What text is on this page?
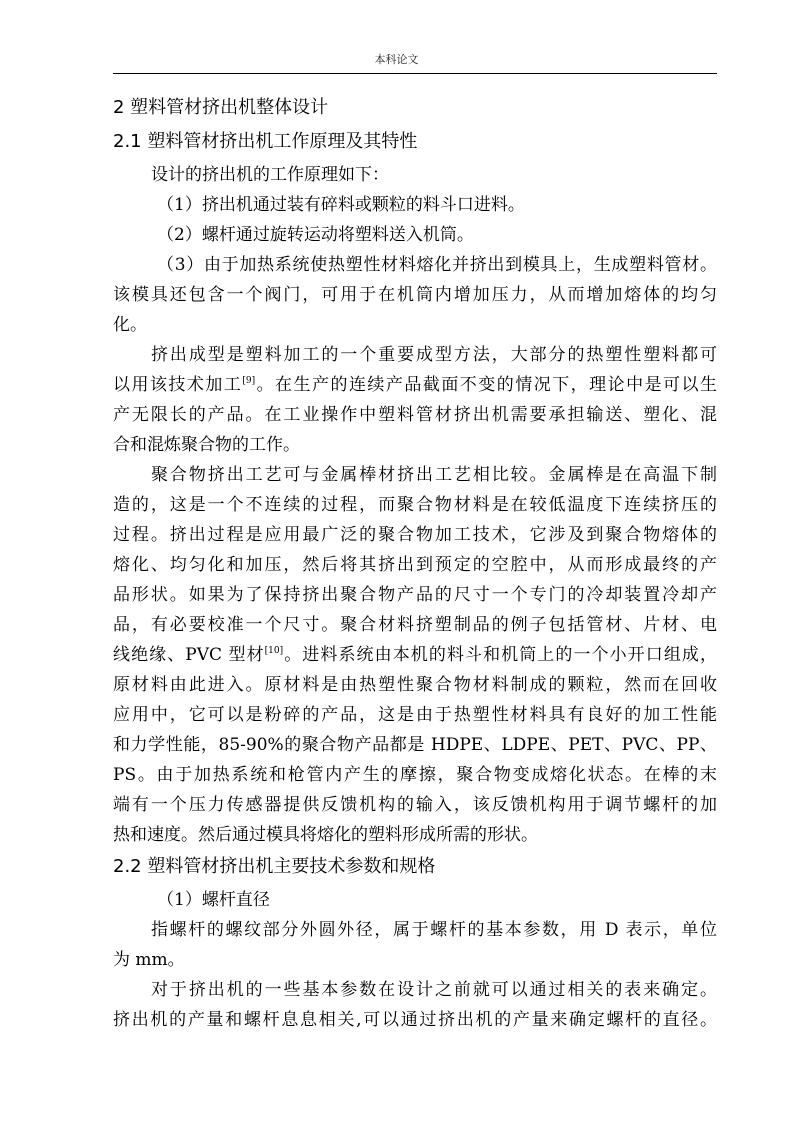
本科论文
2 塑料管材挤出机整体设计
2.1 塑料管材挤出机工作原理及其特性
设计的挤出机的工作原理如下：
（1）挤出机通过装有碎料或颗粒的料斗口进料。
（2）螺杆通过旋转运动将塑料送入机筒。
（3）由于加热系统使热塑性材料熔化并挤出到模具上，生成塑料管材。
该模具还包含一个阀门，可用于在机筒内增加压力，从而增加熔体的均匀
化。
挤出成型是塑料加工的一个重要成型方法，大部分的热塑性塑料都可
以用该技术加工[9]。在生产的连续产品截面不变的情况下，理论中是可以生
产无限长的产品。在工业操作中塑料管材挤出机需要承担输送、塑化、混
合和混炼聚合物的工作。
聚合物挤出工艺可与金属棒材挤出工艺相比较。金属棒是在高温下制
造的，这是一个不连续的过程，而聚合物材料是在较低温度下连续挤压的
过程。挤出过程是应用最广泛的聚合物加工技术，它涉及到聚合物熔体的
熔化、均匀化和加压，然后将其挤出到预定的空腔中，从而形成最终的产
品形状。如果为了保持挤出聚合物产品的尺寸一个专门的冷却装置冷却产
品，有必要校准一个尺寸。聚合材料挤塑制品的例子包括管材、片材、电
线绝缘、PVC 型材[10]。进料系统由本机的料斗和机筒上的一个小开口组成，
原材料由此进入。原材料是由热塑性聚合物材料制成的颗粒，然而在回收
应用中，它可以是粉碎的产品，这是由于热塑性材料具有良好的加工性能
和力学性能，85-90%的聚合物产品都是 HDPE、LDPE、PET、PVC、PP、
PS。由于加热系统和枪管内产生的摩擦，聚合物变成熔化状态。在棒的末
端有一个压力传感器提供反馈机构的输入，该反馈机构用于调节螺杆的加
热和速度。然后通过模具将熔化的塑料形成所需的形状。
2.2 塑料管材挤出机主要技术参数和规格
（1）螺杆直径
指螺杆的螺纹部分外圆外径，属于螺杆的基本参数，用 D 表示，单位
为 mm。
对于挤出机的一些基本参数在设计之前就可以通过相关的表来确定。
挤出机的产量和螺杆息息相关,可以通过挤出机的产量来确定螺杆的直径。
